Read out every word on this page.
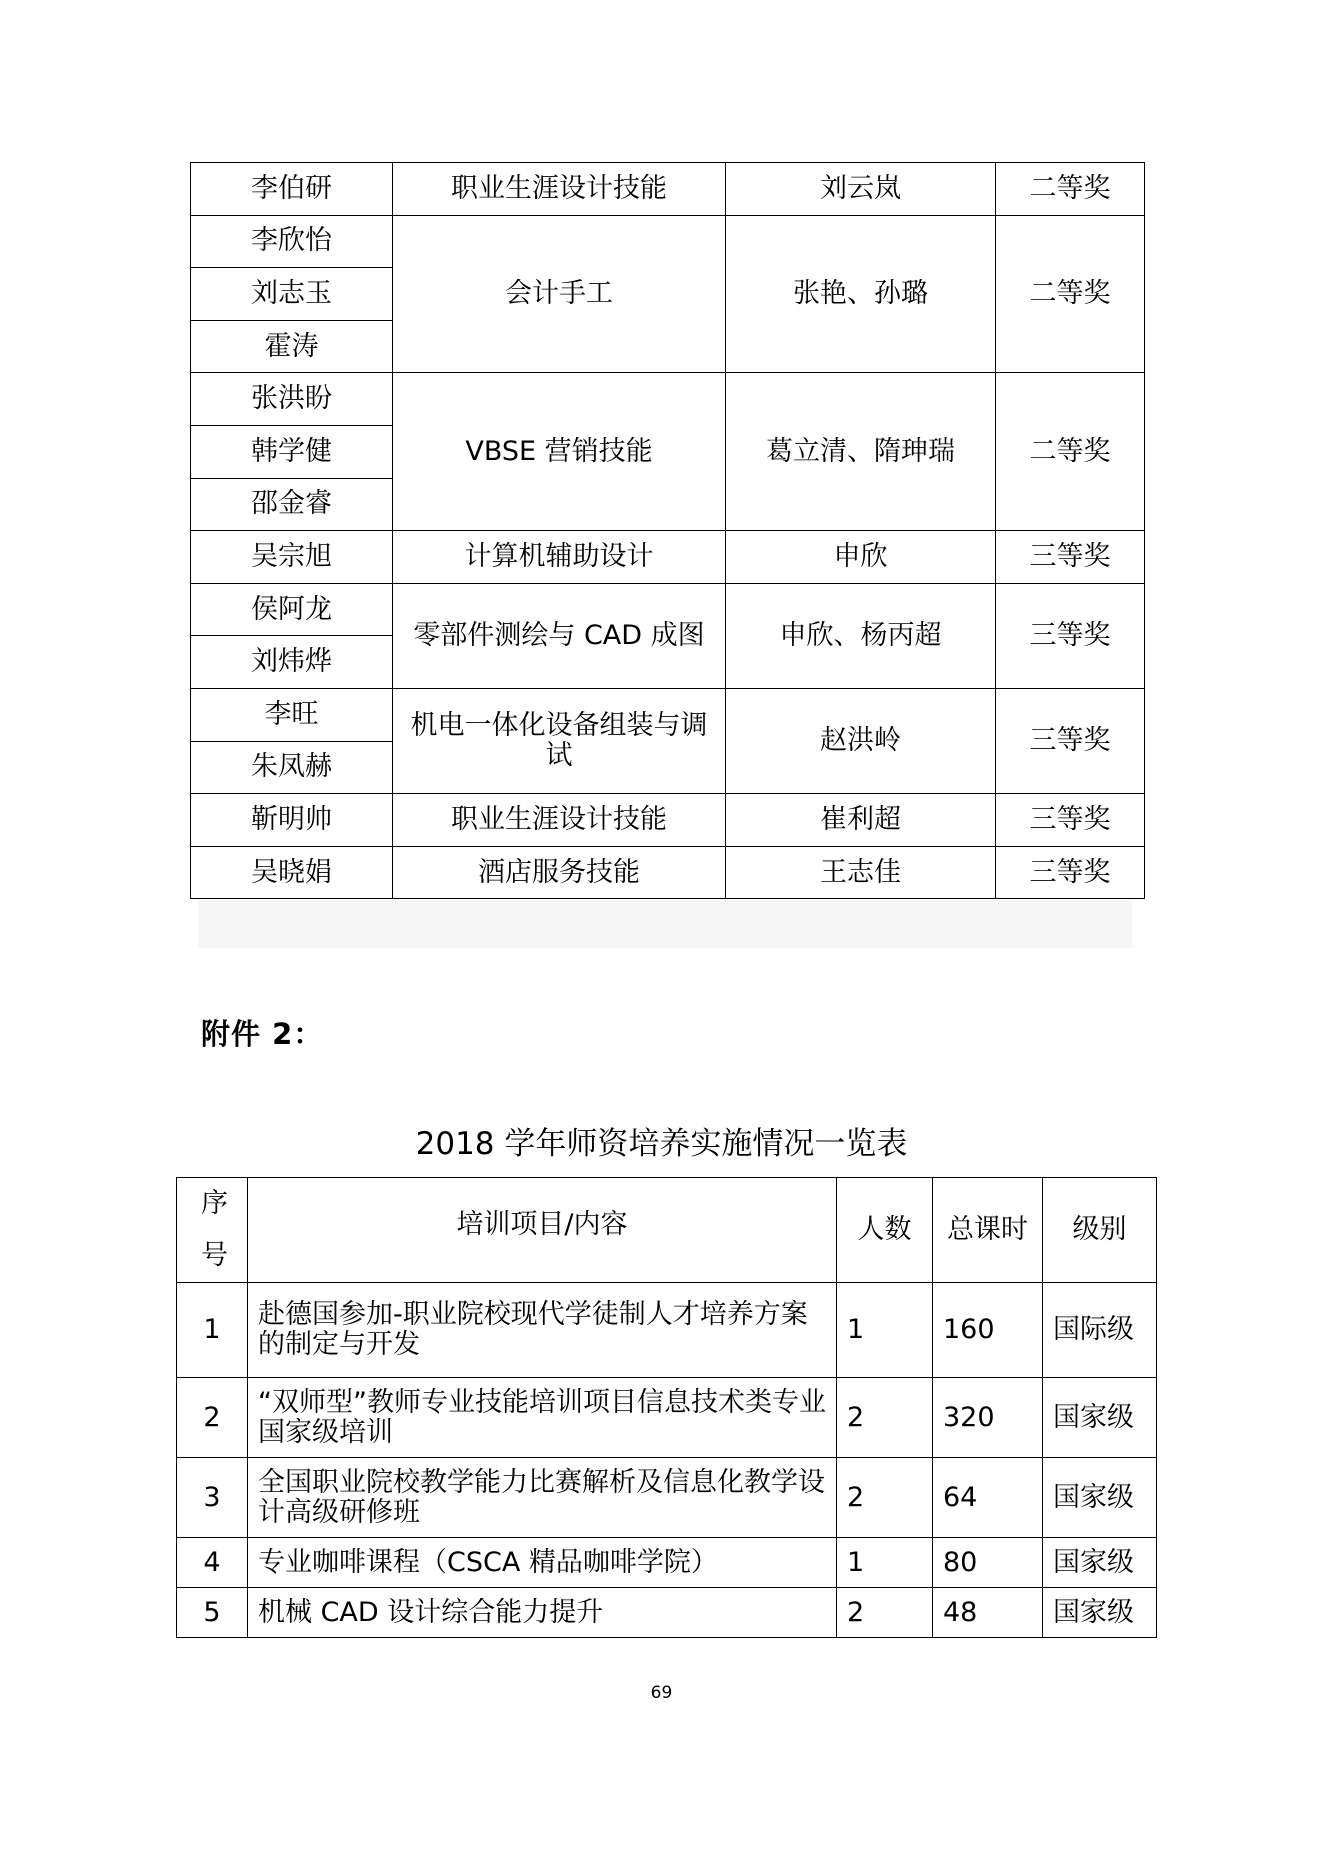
李伯研	职业生涯设计技能	刘云岚	二等奖
李欣怡	会计手工	张艳、孙璐	二等奖
刘志玉			
霍涛			
张洪盼	VBSE 营销技能	葛立清、隋珅瑞	二等奖
韩学健			
邵金睿			
吴宗旭	计算机辅助设计	申欣	三等奖
侯阿龙	零部件测绘与 CAD 成图	申欣、杨丙超	三等奖
刘炜烨			
李旺	机电一体化设备组装与调试	赵洪岭	三等奖
朱凤赫			
靳明帅	职业生涯设计技能	崔利超	三等奖
吴晓娟	酒店服务技能	王志佳	三等奖
附件 2：
2018 学年师资培养实施情况一览表
序号	培训项目/内容	人数	总课时	级别
1	赴德国参加-职业院校现代学徒制人才培养方案的制定与开发	1	160	国际级
2	“双师型”教师专业技能培训项目信息技术类专业国家级培训	2	320	国家级
3	全国职业院校教学能力比赛解析及信息化教学设计高级研修班	2	64	国家级
4	专业咖啡课程（CSCA 精品咖啡学院）	1	80	国家级
5	机械 CAD 设计综合能力提升	2	48	国家级
69
